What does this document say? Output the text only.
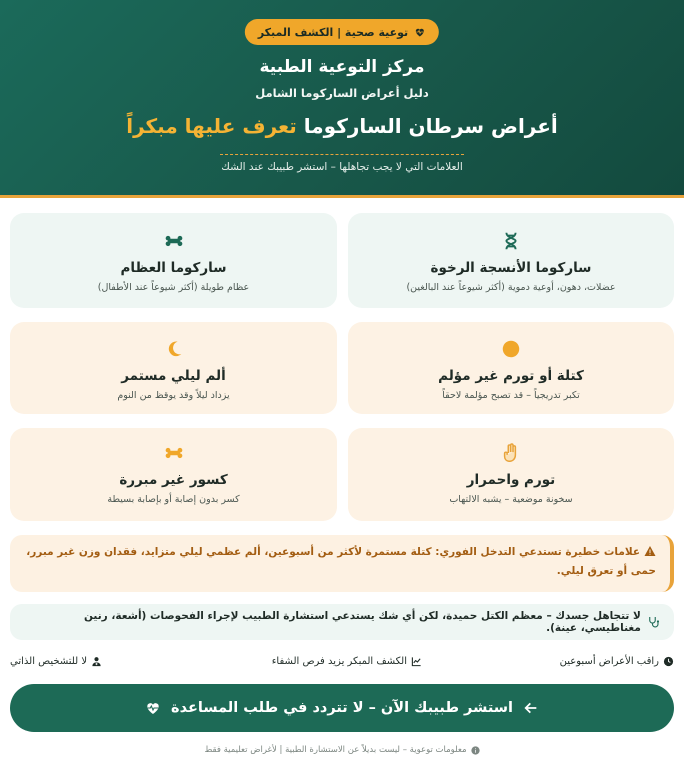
توعية صحية | الكشف المبكر
مركز التوعية الطبية
دليل أعراض الساركوما الشامل
أعراض سرطان الساركوما تعرف عليها مبكراً
العلامات التي لا يجب تجاهلها – استشر طبيبك عند الشك
ساركوما الأنسجة الرخوة
عضلات، دهون، أوعية دموية (أكثر شيوعاً عند البالغين)
ساركوما العظام
عظام طويلة (أكثر شيوعاً عند الأطفال)
كتلة أو تورم غير مؤلم
تكبر تدريجياً – قد تصبح مؤلمة لاحقاً
ألم ليلي مستمر
يزداد ليلاً وقد يوقظ من النوم
تورم واحمرار
سخونة موضعية – يشبه الالتهاب
كسور غير مبررة
كسر بدون إصابة أو بإصابة بسيطة
علامات خطيرة تستدعي التدخل الفوري: كتلة مستمرة لأكثر من أسبوعين، ألم عظمي ليلي متزايد، فقدان وزن غير مبرر، حمى أو تعرق ليلي.
لا تتجاهل جسدك – معظم الكتل حميدة، لكن أي شك يستدعي استشارة الطبيب لإجراء الفحوصات (أشعة، رنين مغناطيسي، عينة).
راقب الأعراض أسبوعين
الكشف المبكر يزيد فرص الشفاء
لا للتشخيص الذاتي
استشر طبيبك الآن – لا تتردد في طلب المساعدة
معلومات توعوية – ليست بديلاً عن الاستشارة الطبية | لأغراض تعليمية فقط
